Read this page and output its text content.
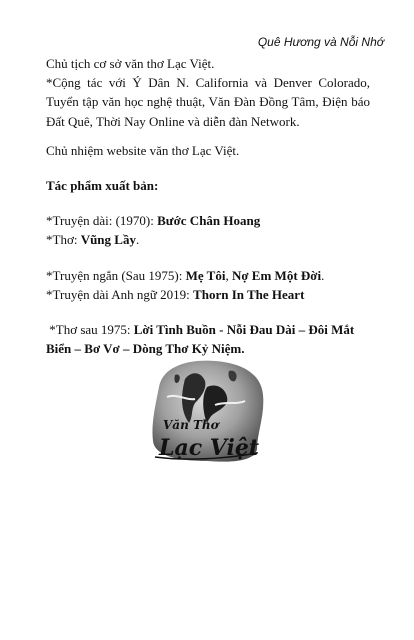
Quê Hương và Nỗi Nhớ

Chủ tịch cơ sở văn thơ Lạc Việt.

*Cộng tác với Ý Dân N. California và Denver Colorado, Tuyển tập văn học nghệ thuật, Văn Đàn Đồng Tâm, Điện báo Đất Quê, Thời Nay Online và diễn đàn Network.

Chủ nhiệm website văn thơ Lạc Việt.

Tác phẩm xuất bản:

*Truyện dài: (1970): Bước Chân Hoang

*Thơ: Vũng Lầy.

*Truyện ngắn (Sau 1975): Mẹ Tôi, Nợ Em Một Đời.

*Truyện dài Anh ngữ 2019: Thorn In The Heart

*Thơ sau 1975: Lời Tình Buồn - Nỗi Đau Dài – Đôi Mắt Biển – Bơ Vơ – Dòng Thơ Kỷ Niệm.

Văn Thơ
Lạc Việt
